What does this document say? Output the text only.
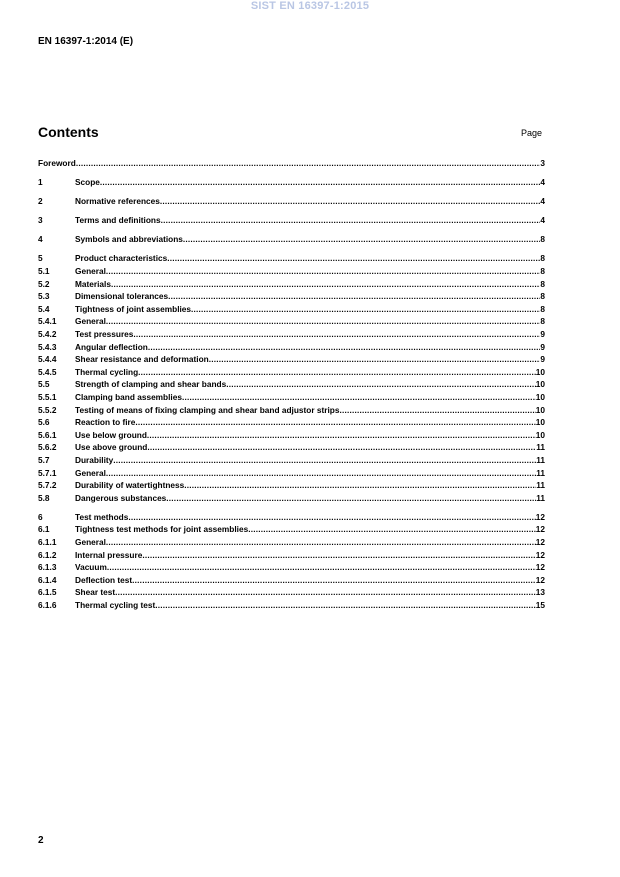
SIST EN 16397-1:2015
EN 16397-1:2014 (E)
Contents	Page
Foreword .....	3
1	Scope .....	4
2	Normative references .....	4
3	Terms and definitions .....	4
4	Symbols and abbreviations .....	8
5	Product characteristics .....	8
5.1	General .....	8
5.2	Materials .....	8
5.3	Dimensional tolerances .....	8
5.4	Tightness of joint assemblies .....	8
5.4.1	General .....	8
5.4.2	Test pressures .....	9
5.4.3	Angular deflection .....	9
5.4.4	Shear resistance and deformation .....	9
5.4.5	Thermal cycling .....	10
5.5	Strength of clamping and shear bands .....	10
5.5.1	Clamping band assemblies .....	10
5.5.2	Testing of means of fixing clamping and shear band adjustor strips .....	10
5.6	Reaction to fire .....	10
5.6.1	Use below ground .....	10
5.6.2	Use above ground .....	11
5.7	Durability .....	11
5.7.1	General .....	11
5.7.2	Durability of watertightness .....	11
5.8	Dangerous substances .....	11
6	Test methods .....	12
6.1	Tightness test methods for joint assemblies .....	12
6.1.1	General .....	12
6.1.2	Internal pressure .....	12
6.1.3	Vacuum .....	12
6.1.4	Deflection test .....	12
6.1.5	Shear test .....	13
6.1.6	Thermal cycling test .....	15
2
